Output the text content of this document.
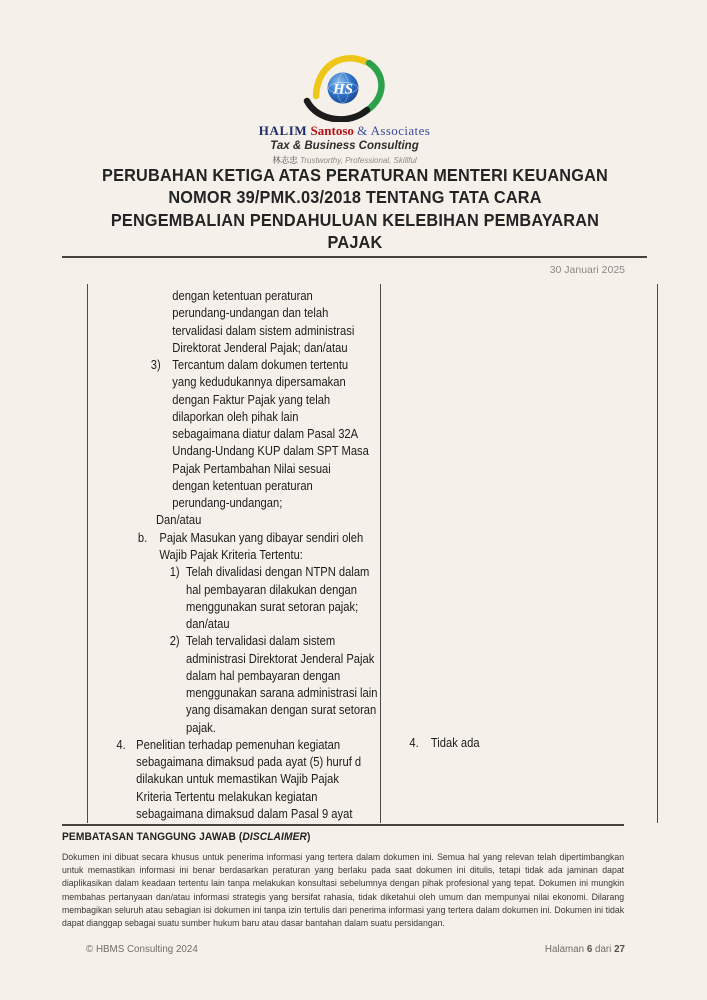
HS
HALIM Santoso & Associates
Tax & Business Consulting
林志忠 Trustworthy, Professional, Skillful
PERUBAHAN KETIGA ATAS PERATURAN MENTERI KEUANGAN
NOMOR 39/PMK.03/2018 TENTANG TATA CARA
PENGEMBALIAN PENDAHULUAN KELEBIHAN PEMBAYARAN
PAJAK
30 Januari 2025
dengan ketentuan peraturan
perundang-undangan dan telah
tervalidasi dalam sistem administrasi
Direktorat Jenderal Pajak; dan/atau
3) Tercantum dalam dokumen tertentu
yang kedudukannya dipersamakan
dengan Faktur Pajak yang telah
dilaporkan oleh pihak lain
sebagaimana diatur dalam Pasal 32A
Undang-Undang KUP dalam SPT Masa
Pajak Pertambahan Nilai sesuai
dengan ketentuan peraturan
perundang-undangan;
Dan/atau
b. Pajak Masukan yang dibayar sendiri oleh
Wajib Pajak Kriteria Tertentu:
1) Telah divalidasi dengan NTPN dalam
hal pembayaran dilakukan dengan
menggunakan surat setoran pajak;
dan/atau
2) Telah tervalidasi dalam sistem
administrasi Direktorat Jenderal Pajak
dalam hal pembayaran dengan
menggunakan sarana administrasi lain
yang disamakan dengan surat setoran
pajak.
4. Penelitian terhadap pemenuhan kegiatan
sebagaimana dimaksud pada ayat (5) huruf d
dilakukan untuk memastikan Wajib Pajak
Kriteria Tertentu melakukan kegiatan
sebagaimana dimaksud dalam Pasal 9 ayat
4. Tidak ada
PEMBATASAN TANGGUNG JAWAB (DISCLAIMER)
Dokumen ini dibuat secara khusus untuk penerima informasi yang tertera dalam dokumen ini. Semua hal yang relevan telah dipertimbangkan untuk memastikan informasi ini benar berdasarkan peraturan yang berlaku pada saat dokumen ini ditulis, tetapi tidak ada jaminan dapat diaplikasikan dalam keadaan tertentu lain tanpa melakukan konsultasi sebelumnya dengan pihak profesional yang tepat. Dokumen ini mungkin membahas pertanyaan dan/atau informasi strategis yang bersifat rahasia, tidak diketahui oleh umum dan mempunyai nilai ekonomi. Dilarang membagikan seluruh atau sebagian isi dokumen ini tanpa izin tertulis dari penerima informasi yang tertera dalam dokumen ini. Dokumen ini tidak dapat dianggap sebagai suatu sumber hukum baru atau dasar bantahan dalam suatu persidangan.
© HBMS Consulting 2024	Halaman 6 dari 27
